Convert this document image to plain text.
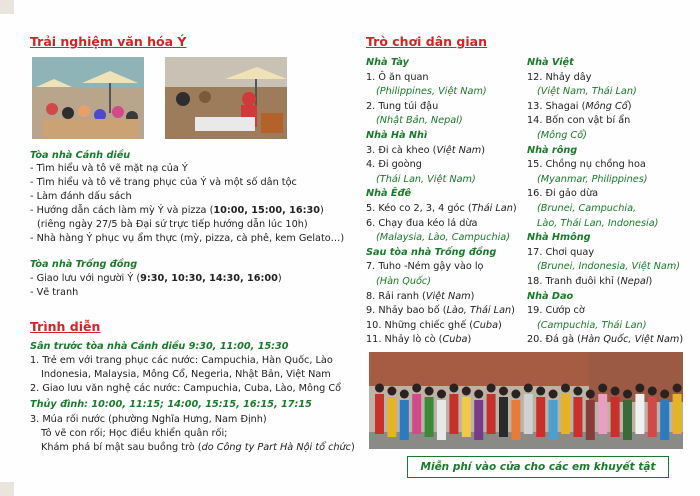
Trải nghiệm văn hóa Ý
Tòa nhà Cánh diều
- Tìm hiểu và tô vẽ mặt nạ của Ý
- Tìm hiểu và tô vẽ trang phục của Ý và một số dân tộc
- Làm đánh dấu sách
- Hướng dẫn cách làm mỳ Ý và pizza (10:00, 15:00, 16:30)
(riêng ngày 27/5 bà Đại sứ trực tiếp hướng dẫn lúc 10h)
- Nhà hàng Ý phục vụ ẩm thực (mỳ, pizza, cà phê, kem Gelato…)
Tòa nhà Trống đồng
- Giao lưu với người Ý (9:30, 10:30, 14:30, 16:00)
- Vẽ tranh
Trình diễn
Sân trước tòa nhà Cánh diều 9:30, 11:00, 15:30
1. Trẻ em với trang phục các nước: Campuchia, Hàn Quốc, Lào
Indonesia, Malaysia, Mông Cổ, Negeria, Nhật Bản, Việt Nam
2. Giao lưu văn nghệ các nước: Campuchia, Cuba, Lào, Mông Cổ
Thủy đình: 10:00, 11:15; 14:00, 15:15, 16:15, 17:15
3. Múa rối nước (phường Nghĩa Hưng, Nam Định)
Tô vẽ con rối; Học điều khiển quân rối;
Khám phá bí mật sau buồng trò (do Công ty Part Hà Nội tổ chức)
Trò chơi dân gian
Nhà Tày
1. Ô ăn quan
(Philippines, Việt Nam)
2. Tung túi đậu
(Nhật Bản, Nepal)
Nhà Hà Nhì
3. Đi cà kheo (Việt Nam)
4. Đi goòng
(Thái Lan, Việt Nam)
Nhà Êđê
5. Kéo co 2, 3, 4 góc (Thái Lan)
6. Chạy đua kéo lá dừa
(Malaysia, Lào, Campuchia)
Sau tòa nhà Trống đồng
7. Tuho -Ném gậy vào lọ
(Hàn Quốc)
8. Rải ranh (Việt Nam)
9. Nhảy bao bố (Lào, Thái Lan)
10. Những chiếc ghế (Cuba)
11. Nhảy lò cò (Cuba)
Nhà Việt
12. Nhảy dây
(Việt Nam, Thái Lan)
13. Shagai (Mông Cổ)
14. Bốn con vật bí ẩn
(Mông Cổ)
Nhà rông
15. Chồng nụ chồng hoa
(Myanmar, Philippines)
16. Đi gảo dừa
(Brunei, Campuchia,
Lào, Thái Lan, Indonesia)
Nhà Hmông
17. Chơi quay
(Brunei, Indonesia, Việt Nam)
18. Tranh đuôi khỉ (Nepal)
Nhà Dao
19. Cướp cờ
(Campuchia, Thái Lan)
20. Đá gà (Hàn Quốc, Việt Nam)
Miễn phí vào cửa cho các em khuyết tật
